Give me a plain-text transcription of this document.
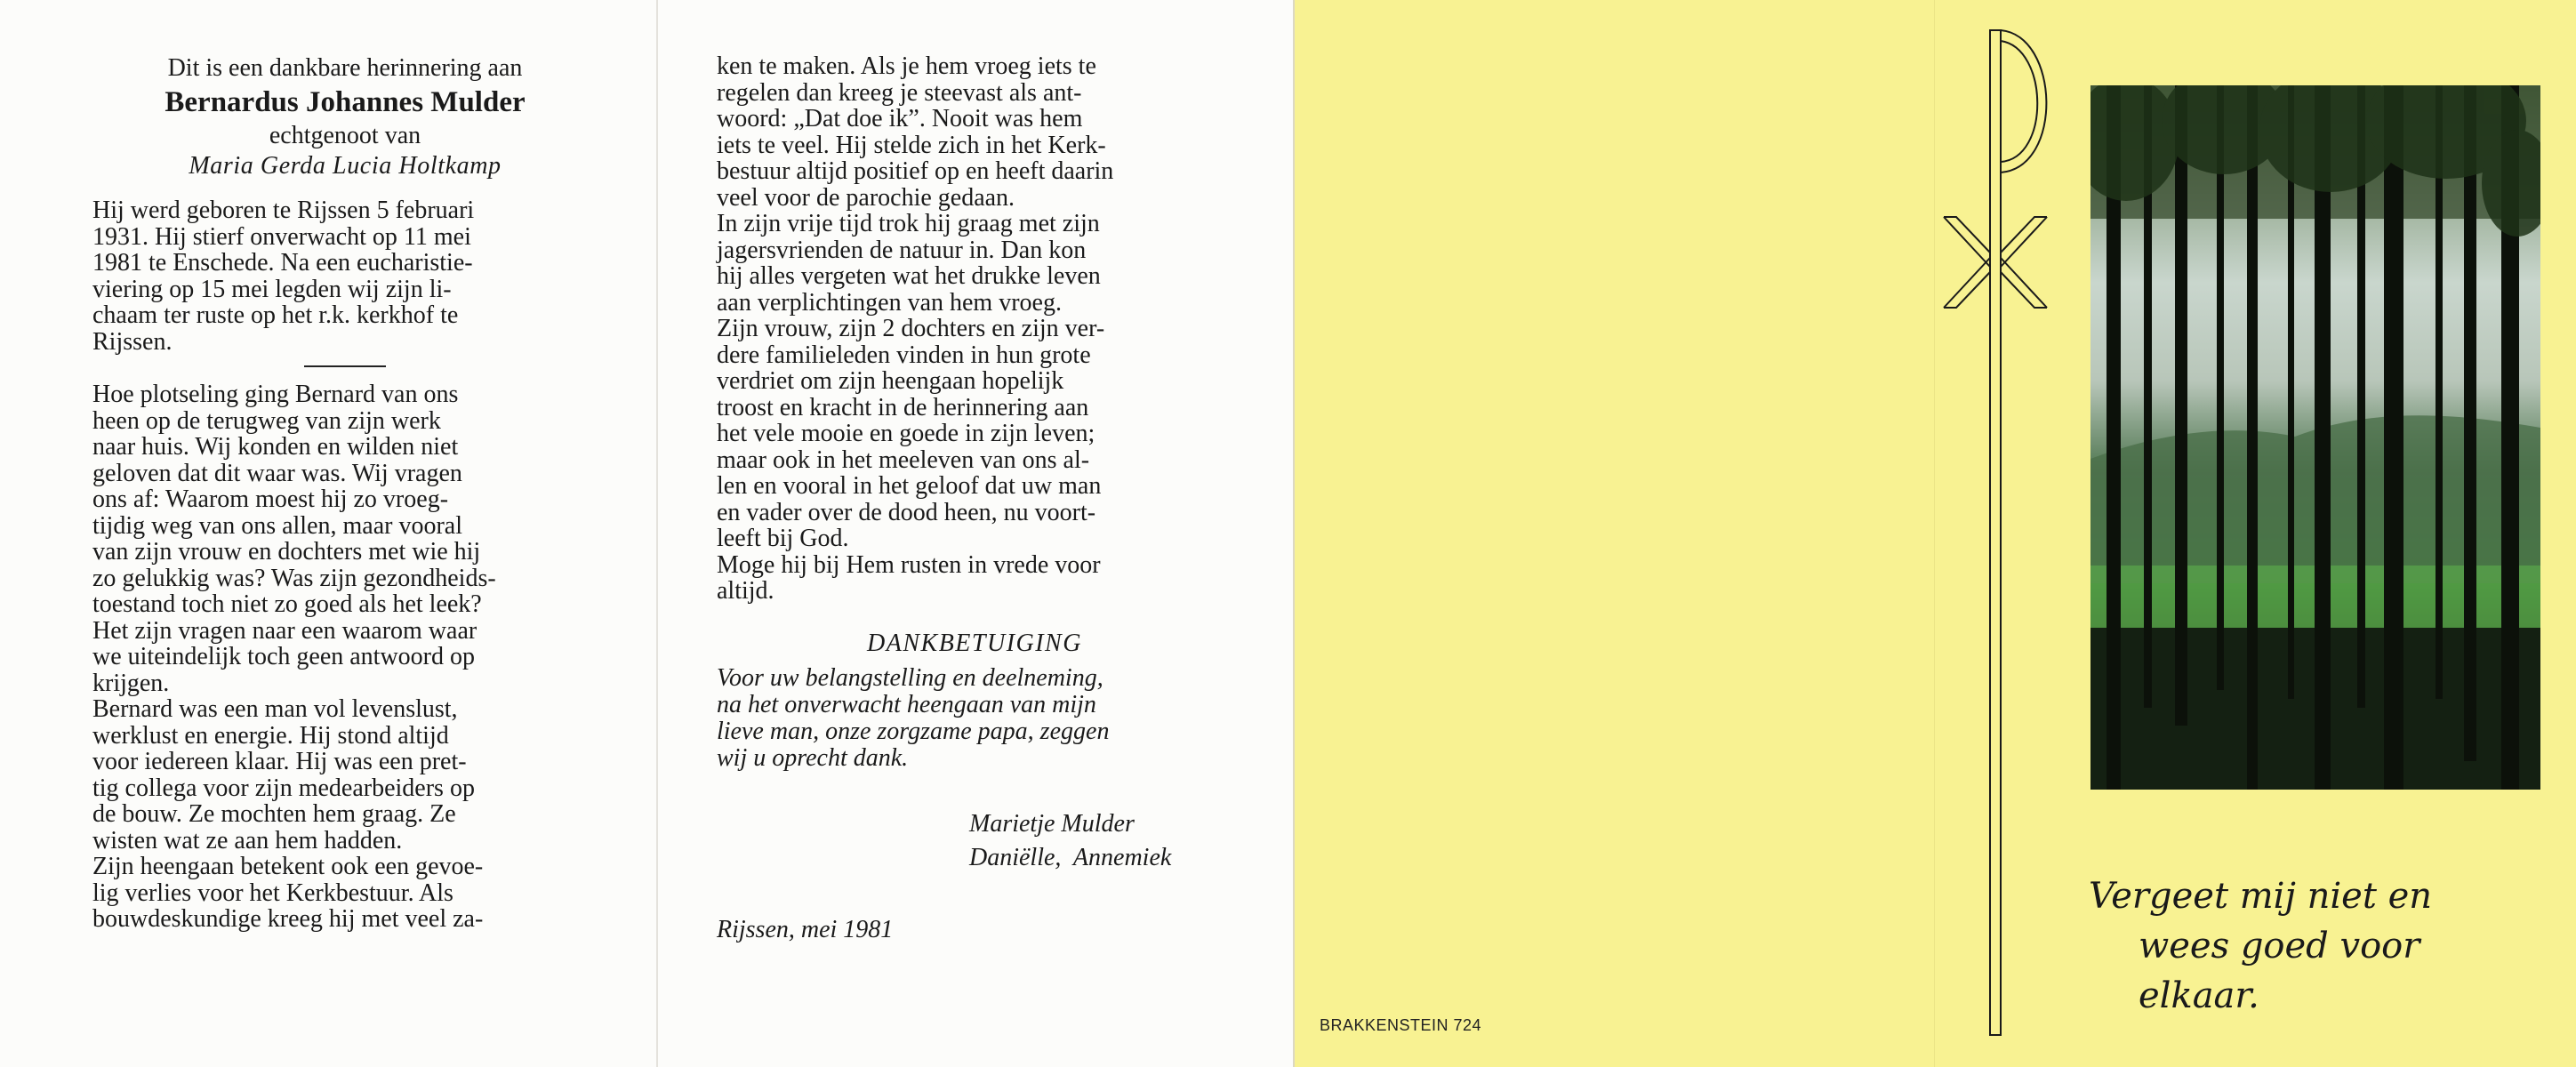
Dit is een dankbare herinnering aan

Bernardus Johannes Mulder

echtgenoot van

Maria Gerda Lucia Holtkamp

Hij werd geboren te Rijssen 5 februari

1931. Hij stierf onverwacht op 11 mei

1981 te Enschede. Na een eucharistie-

viering op 15 mei legden wij zijn li-

chaam ter ruste op het r.k. kerkhof te

Rijssen.

Hoe plotseling ging Bernard van ons

heen op de terugweg van zijn werk

naar huis. Wij konden en wilden niet

geloven dat dit waar was. Wij vragen

ons af: Waarom moest hij zo vroeg-

tijdig weg van ons allen, maar vooral

van zijn vrouw en dochters met wie hij

zo gelukkig was? Was zijn gezondheids-

toestand toch niet zo goed als het leek?

Het zijn vragen naar een waarom waar

we uiteindelijk toch geen antwoord op

krijgen.

Bernard was een man vol levenslust,

werklust en energie. Hij stond altijd

voor iedereen klaar. Hij was een pret-

tig collega voor zijn medearbeiders op

de bouw. Ze mochten hem graag. Ze

wisten wat ze aan hem hadden.

Zijn heengaan betekent ook een gevoe-

lig verlies voor het Kerkbestuur. Als

bouwdeskundige kreeg hij met veel za-

ken te maken. Als je hem vroeg iets te

regelen dan kreeg je steevast als ant-

woord: „Dat doe ik”. Nooit was hem

iets te veel. Hij stelde zich in het Kerk-

bestuur altijd positief op en heeft daarin

veel voor de parochie gedaan.

In zijn vrije tijd trok hij graag met zijn

jagersvrienden de natuur in. Dan kon

hij alles vergeten wat het drukke leven

aan verplichtingen van hem vroeg.

Zijn vrouw, zijn 2 dochters en zijn ver-

dere familieleden vinden in hun grote

verdriet om zijn heengaan hopelijk

troost en kracht in de herinnering aan

het vele mooie en goede in zijn leven;

maar ook in het meeleven van ons al-

len en vooral in het geloof dat uw man

en vader over de dood heen, nu voort-

leeft bij God.

Moge hij bij Hem rusten in vrede voor

altijd.

DANKBETUIGING

Voor uw belangstelling en deelneming,

na het onverwacht heengaan van mijn

lieve man, onze zorgzame papa, zeggen

wij u oprecht dank.

Marietje Mulder
Daniëlle,  Annemiek
Rijssen, mei 1981
BRAKKENSTEIN 724
Vergeet mij niet en
wees goed voor elkaar.
